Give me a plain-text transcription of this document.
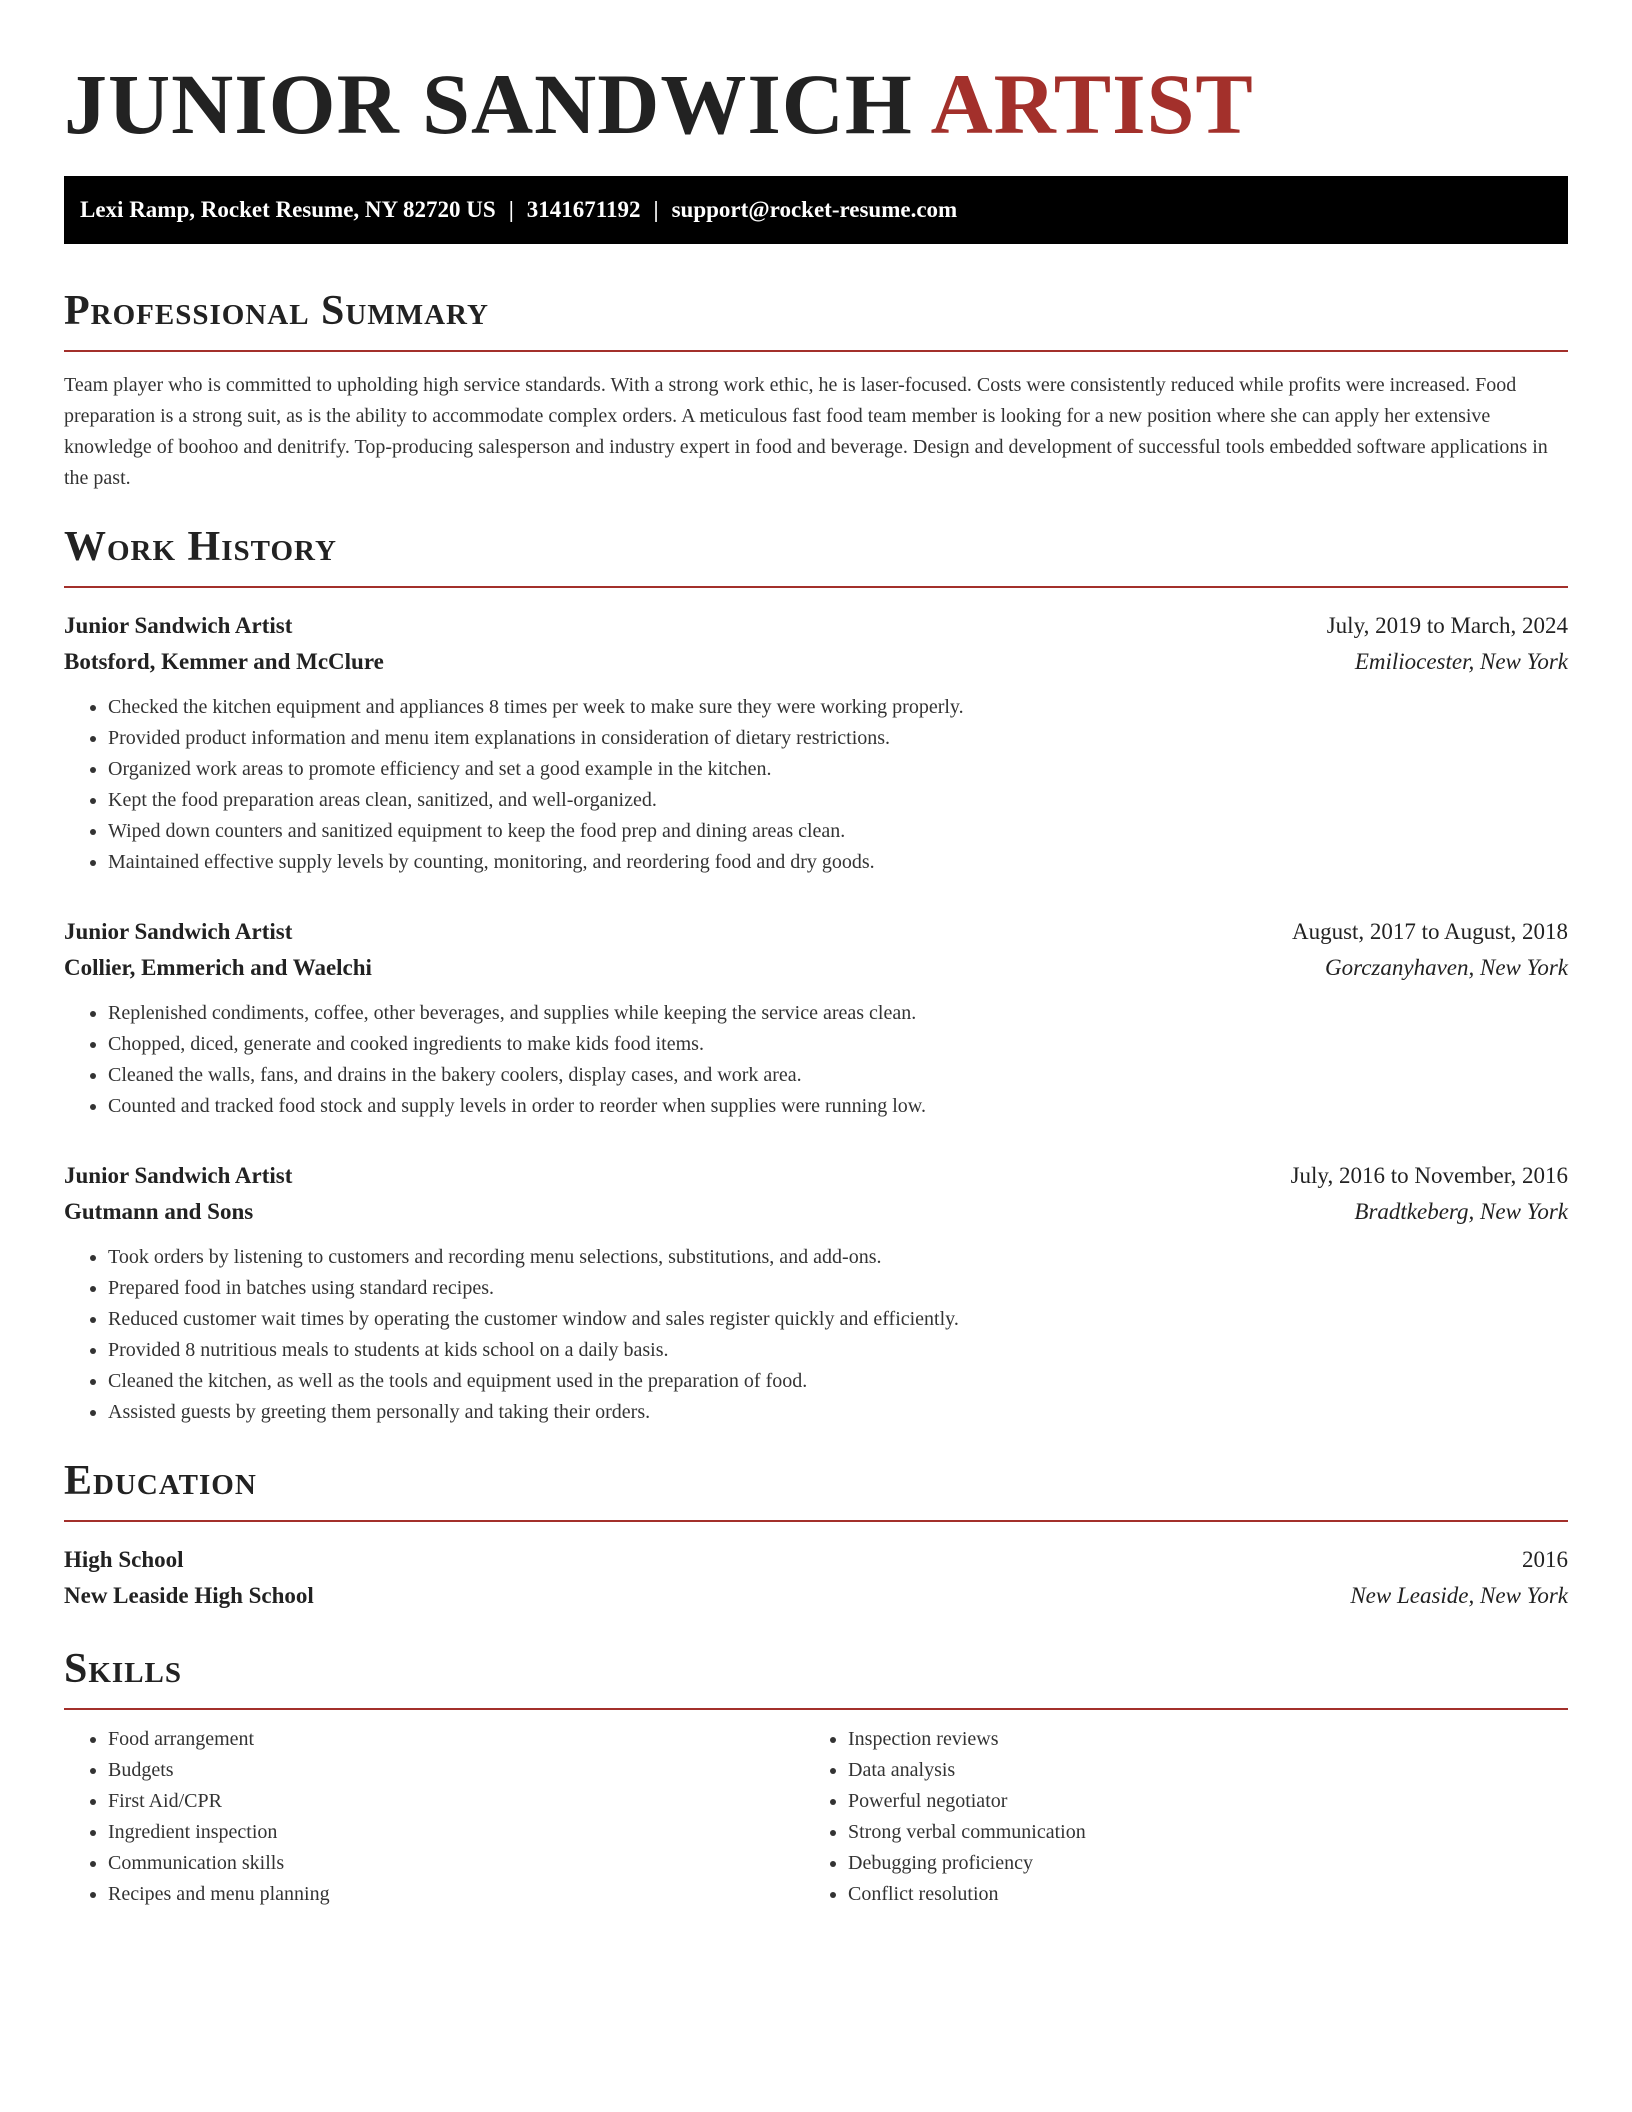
JUNIOR SANDWICH ARTIST
Lexi Ramp, Rocket Resume, NY 82720 US | 3141671192 | support@rocket-resume.com
Professional Summary

Team player who is committed to upholding high service standards. With a strong work ethic, he is laser-focused. Costs were consistently reduced while profits were increased. Food preparation is a strong suit, as is the ability to accommodate complex orders. A meticulous fast food team member is looking for a new position where she can apply her extensive knowledge of boohoo and denitrify. Top-producing salesperson and industry expert in food and beverage. Design and development of successful tools embedded software applications in the past.

Work History
Junior Sandwich Artist	July, 2019 to March, 2024
Botsford, Kemmer and McClure	Emiliocester, New York
• Checked the kitchen equipment and appliances 8 times per week to make sure they were working properly.
• Provided product information and menu item explanations in consideration of dietary restrictions.
• Organized work areas to promote efficiency and set a good example in the kitchen.
• Kept the food preparation areas clean, sanitized, and well-organized.
• Wiped down counters and sanitized equipment to keep the food prep and dining areas clean.
• Maintained effective supply levels by counting, monitoring, and reordering food and dry goods.
Junior Sandwich Artist	August, 2017 to August, 2018
Collier, Emmerich and Waelchi	Gorczanyhaven, New York
• Replenished condiments, coffee, other beverages, and supplies while keeping the service areas clean.
• Chopped, diced, generate and cooked ingredients to make kids food items.
• Cleaned the walls, fans, and drains in the bakery coolers, display cases, and work area.
• Counted and tracked food stock and supply levels in order to reorder when supplies were running low.
Junior Sandwich Artist	July, 2016 to November, 2016
Gutmann and Sons	Bradtkeberg, New York
• Took orders by listening to customers and recording menu selections, substitutions, and add-ons.
• Prepared food in batches using standard recipes.
• Reduced customer wait times by operating the customer window and sales register quickly and efficiently.
• Provided 8 nutritious meals to students at kids school on a daily basis.
• Cleaned the kitchen, as well as the tools and equipment used in the preparation of food.
• Assisted guests by greeting them personally and taking their orders.
Education
High School	2016
New Leaside High School	New Leaside, New York
Skills
• Food arrangement
• Budgets
• First Aid/CPR
• Ingredient inspection
• Communication skills
• Recipes and menu planning
• Inspection reviews
• Data analysis
• Powerful negotiator
• Strong verbal communication
• Debugging proficiency
• Conflict resolution
